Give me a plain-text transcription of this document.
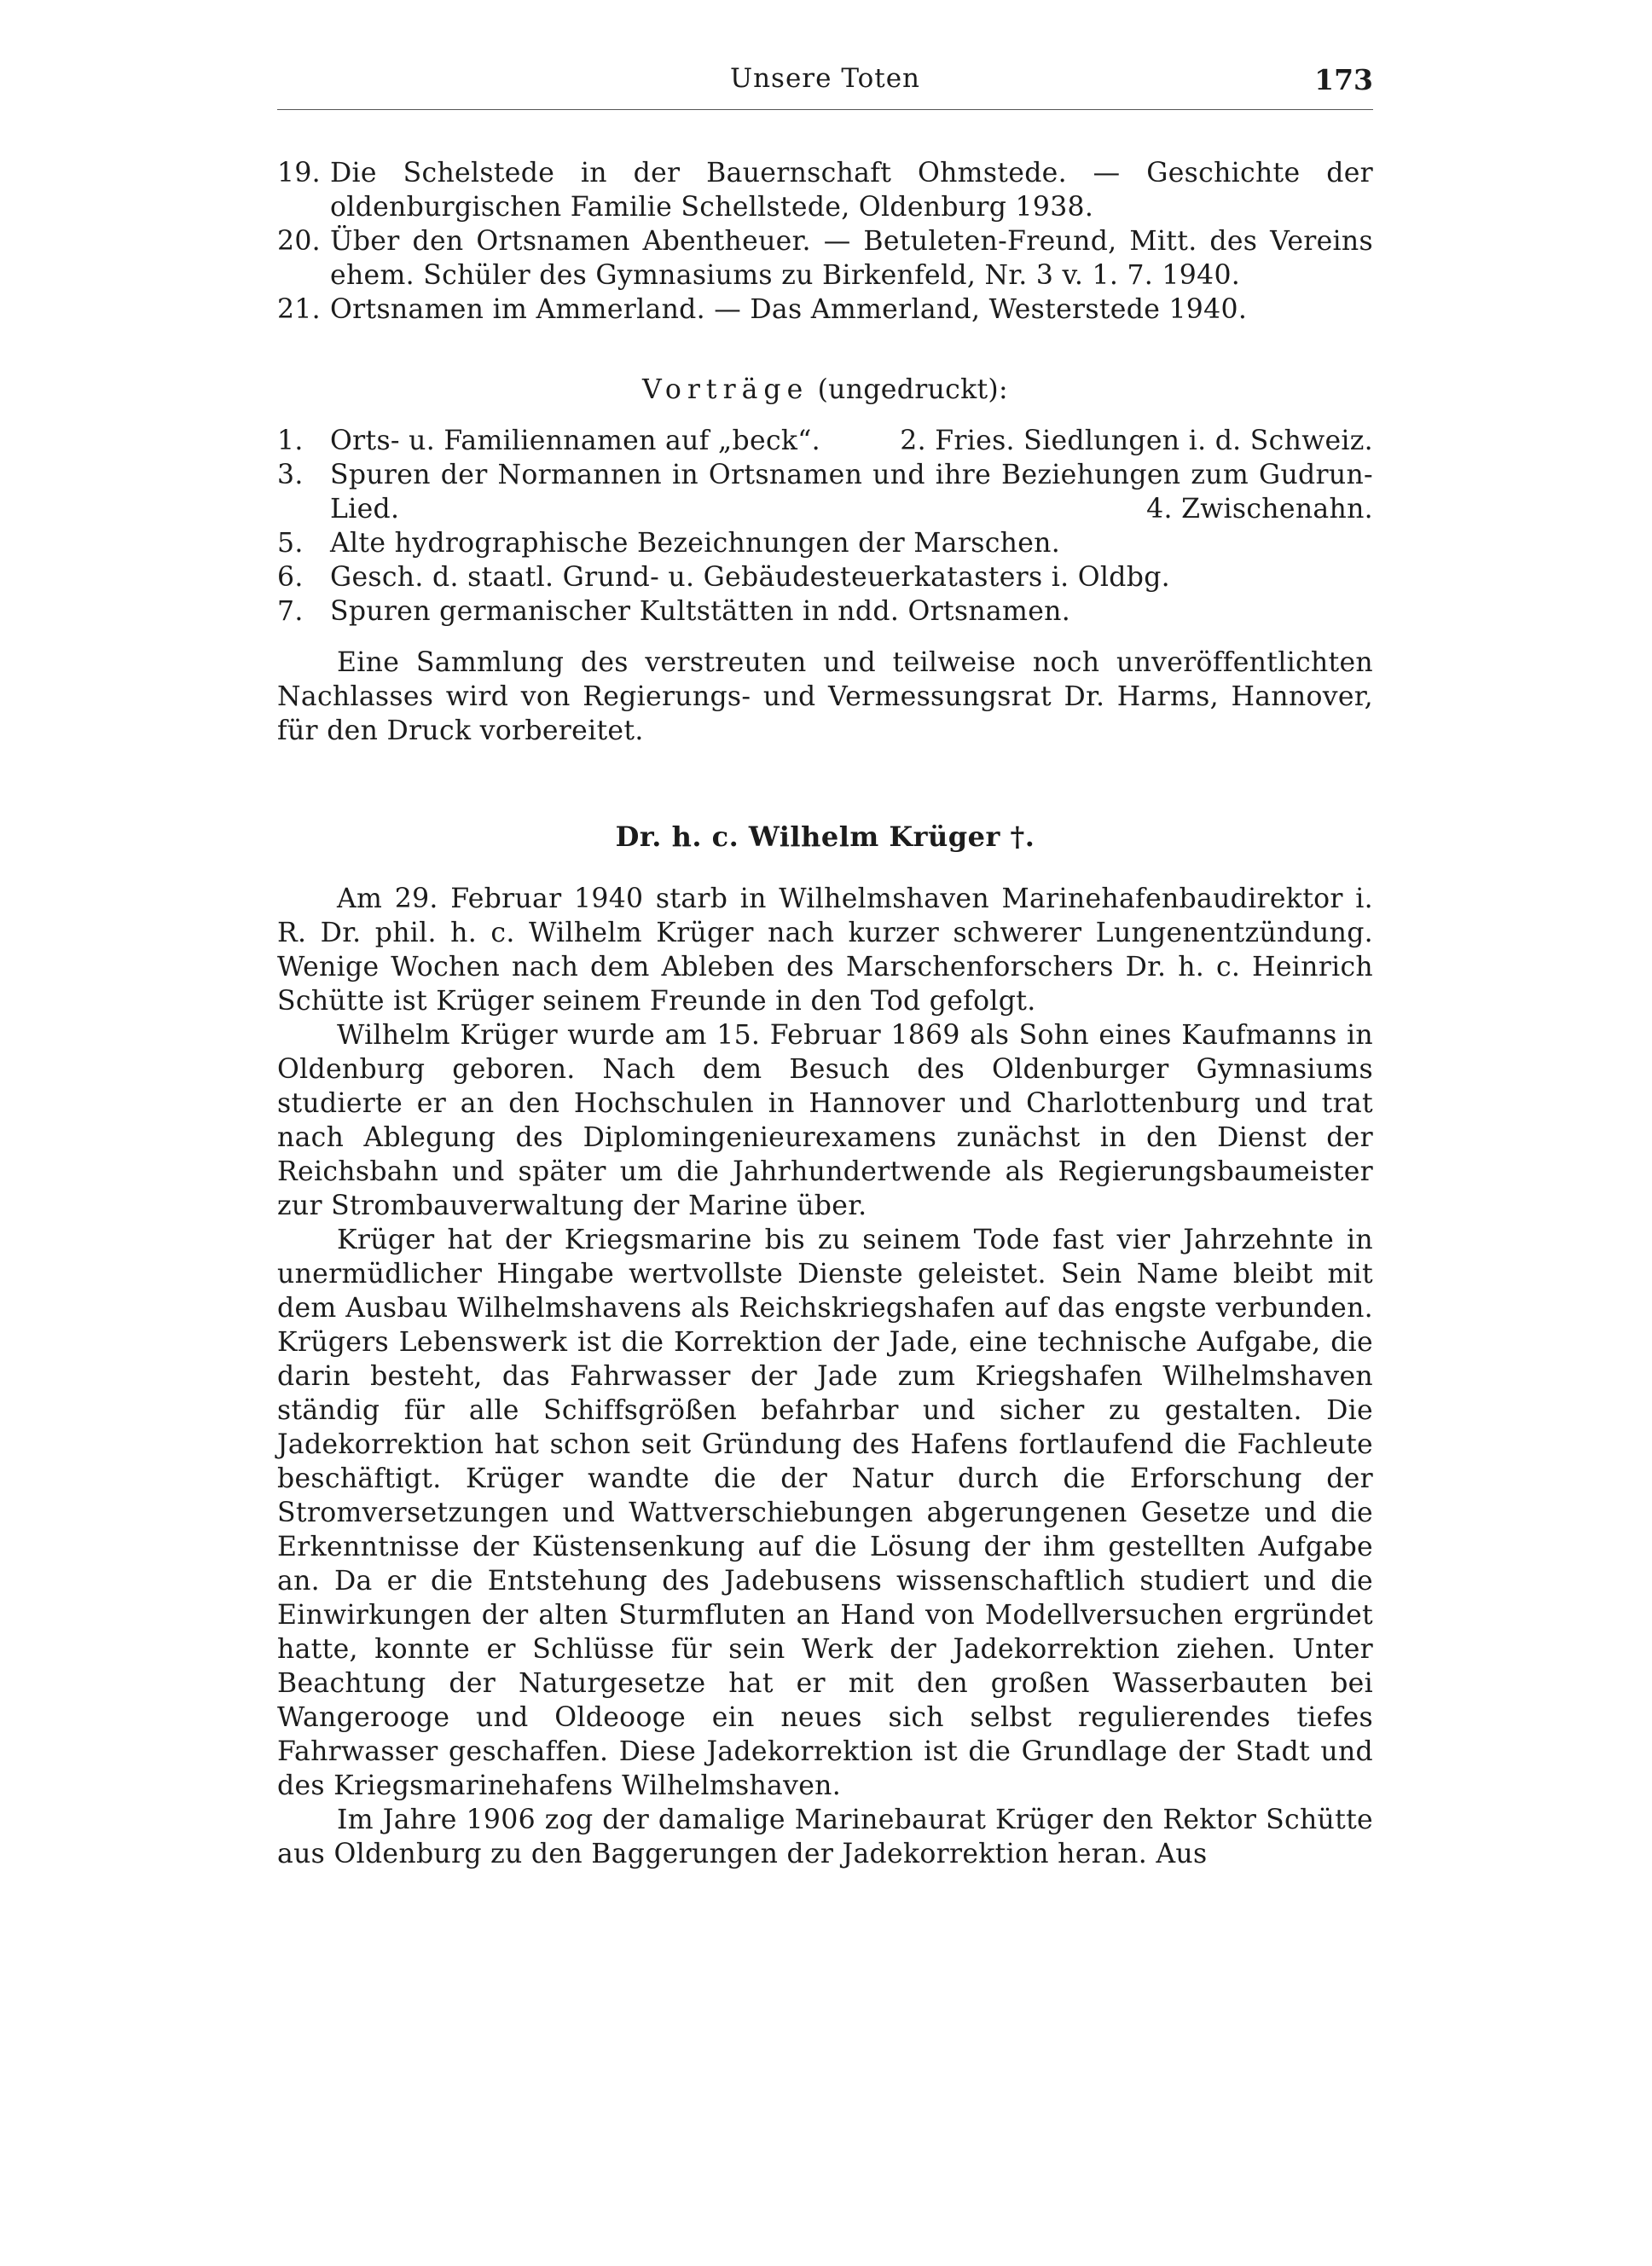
Unsere Toten	173
19. Die Schelstede in der Bauernschaft Ohmstede. — Geschichte der oldenburgischen Familie Schellstede, Oldenburg 1938.
20. Über den Ortsnamen Abentheuer. — Betuleten-Freund, Mitt. des Vereins ehem. Schüler des Gymnasiums zu Birkenfeld, Nr. 3 v. 1. 7. 1940.
21. Ortsnamen im Ammerland. — Das Ammerland, Westerstede 1940.
Vorträge (ungedruckt):
1. Orts- u. Familiennamen auf „beck“.	2. Fries. Siedlungen i. d. Schweiz.
3. Spuren der Normannen in Ortsnamen und ihre Beziehungen zum Gudrun-
Lied.	4. Zwischenahn.
5. Alte hydrographische Bezeichnungen der Marschen.
6. Gesch. d. staatl. Grund- u. Gebäudesteuerkatasters i. Oldbg.
7. Spuren germanischer Kultstätten in ndd. Ortsnamen.

Eine Sammlung des verstreuten und teilweise noch unveröffentlichten Nachlasses wird von Regierungs- und Vermessungsrat Dr. Harms, Hannover, für den Druck vorbereitet.

Dr. h. c. Wilhelm Krüger †.

Am 29. Februar 1940 starb in Wilhelmshaven Marinehafenbaudirektor i. R. Dr. phil. h. c. Wilhelm Krüger nach kurzer schwerer Lungenentzündung. Wenige Wochen nach dem Ableben des Marschenforschers Dr. h. c. Heinrich Schütte ist Krüger seinem Freunde in den Tod gefolgt.

Wilhelm Krüger wurde am 15. Februar 1869 als Sohn eines Kaufmanns in Oldenburg geboren. Nach dem Besuch des Oldenburger Gymnasiums studierte er an den Hochschulen in Hannover und Charlottenburg und trat nach Ablegung des Diplomingenieurexamens zunächst in den Dienst der Reichsbahn und später um die Jahrhundertwende als Regierungsbaumeister zur Strombauverwaltung der Marine über.

Krüger hat der Kriegsmarine bis zu seinem Tode fast vier Jahrzehnte in unermüdlicher Hingabe wertvollste Dienste geleistet. Sein Name bleibt mit dem Ausbau Wilhelmshavens als Reichskriegshafen auf das engste verbunden. Krügers Lebenswerk ist die Korrektion der Jade, eine technische Aufgabe, die darin besteht, das Fahrwasser der Jade zum Kriegshafen Wilhelmshaven ständig für alle Schiffsgrößen befahrbar und sicher zu gestalten. Die Jadekorrektion hat schon seit Gründung des Hafens fortlaufend die Fachleute beschäftigt. Krüger wandte die der Natur durch die Erforschung der Stromversetzungen und Wattverschiebungen abgerungenen Gesetze und die Erkenntnisse der Küstensenkung auf die Lösung der ihm gestellten Aufgabe an. Da er die Entstehung des Jadebusens wissenschaftlich studiert und die Einwirkungen der alten Sturmfluten an Hand von Modellversuchen ergründet hatte, konnte er Schlüsse für sein Werk der Jadekorrektion ziehen. Unter Beachtung der Naturgesetze hat er mit den großen Wasserbauten bei Wangerooge und Oldeooge ein neues sich selbst regulierendes tiefes Fahrwasser geschaffen. Diese Jadekorrektion ist die Grundlage der Stadt und des Kriegsmarinehafens Wilhelmshaven.

Im Jahre 1906 zog der damalige Marinebaurat Krüger den Rektor Schütte aus Oldenburg zu den Baggerungen der Jadekorrektion heran. Aus
